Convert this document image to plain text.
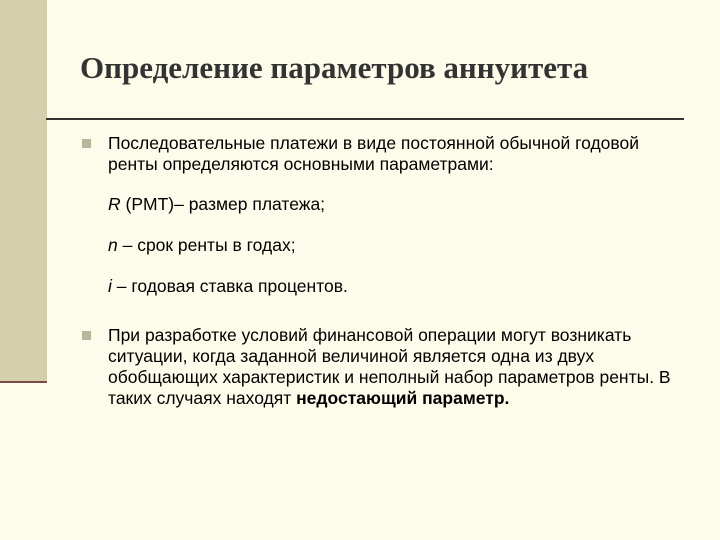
Определение параметров аннуитета
Последовательные платежи в виде постоянной обычной годовой ренты определяются основными параметрами:
R (PMT)– размер платежа;
n – срок ренты в годах;
i – годовая ставка процентов.
При разработке условий финансовой операции могут возникать ситуации, когда заданной величиной является одна из двух обобщающих характеристик и неполный набор параметров ренты. В таких случаях находят недостающий параметр.
